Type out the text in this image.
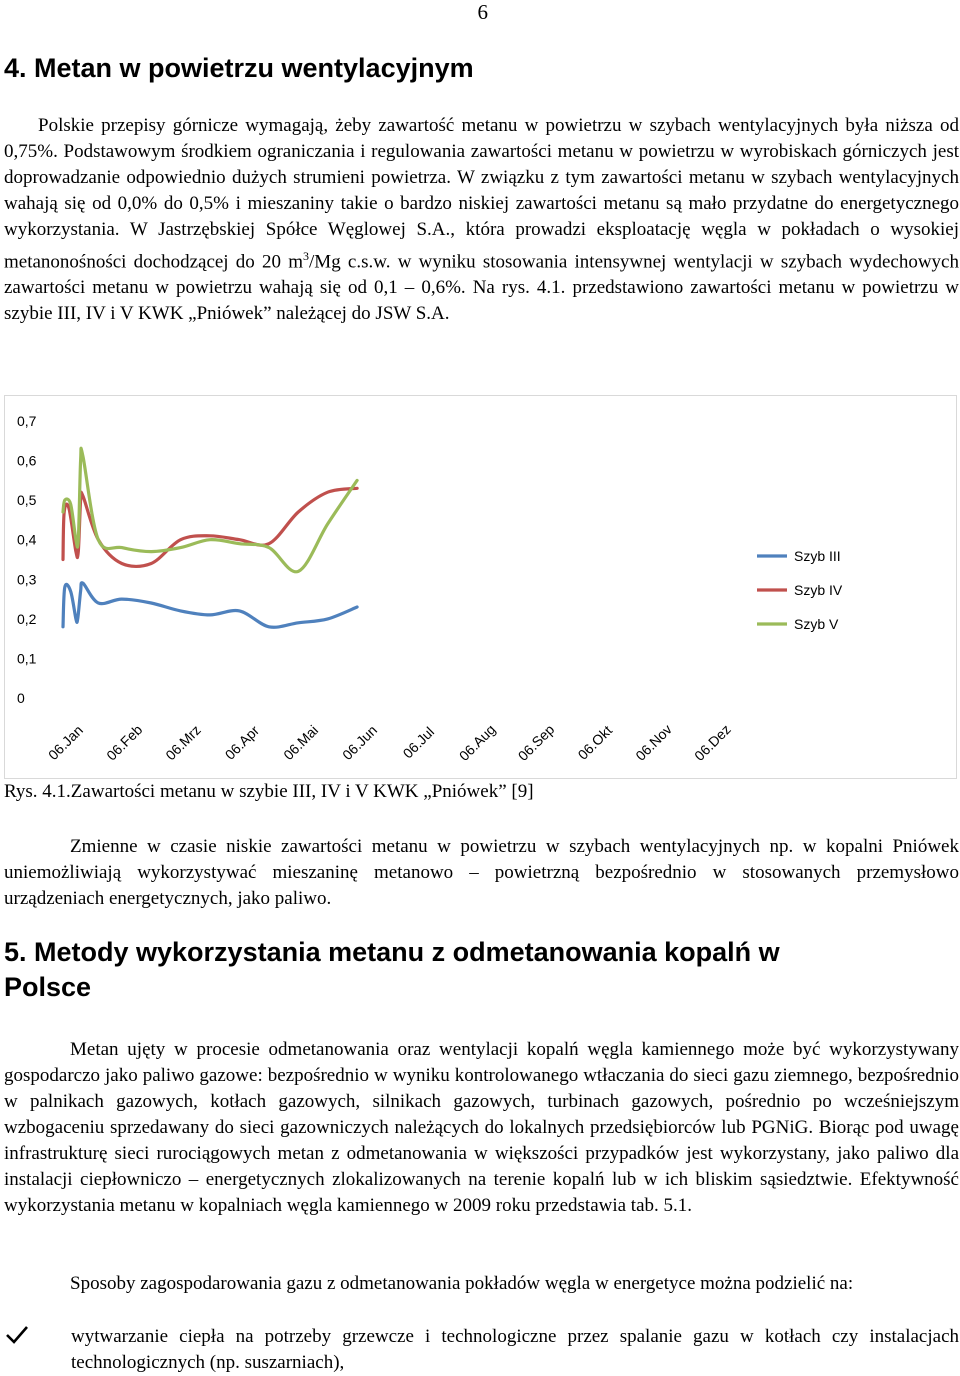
6
4. Metan w powietrzu wentylacyjnym

Polskie przepisy górnicze wymagają, żeby zawartość metanu w powietrzu w szybach wentylacyjnych była niższa od 0,75%. Podstawowym środkiem ograniczania i regulowania zawartości metanu w powietrzu w wyrobiskach górniczych jest doprowadzanie odpowiednio dużych strumieni powietrza. W związku z tym zawartości metanu w szybach wentylacyjnych wahają się od 0,0% do 0,5% i mieszaniny takie o bardzo niskiej zawartości metanu są mało przydatne do energetycznego wykorzystania. W Jastrzębskiej Spółce Węglowej S.A., która prowadzi eksploatację węgla w pokładach o wysokiej metanonośności dochodzącej do 20 $m^3/Mg$ c.s.w. w wyniku stosowania intensywnej wentylacji w szybach wydechowych zawartości metanu w powietrzu wahają się od 0,1 – 0,6%. Na rys. 4.1. przedstawiono zawartości metanu w powietrzu w szybie III, IV i V KWK „Pniówek” należącej do JSW S.A.

0
0,1
0,2
0,3
0,4
0,5
0,6
0,7
06.Jan 06.Feb 06.Mrz 06.Apr 06.Mai 06.Jun 06.Jul 06.Aug 06.Sep 06.Okt 06.Nov 06.Dez
Szyb III
Szyb IV
Szyb V
Rys. 4.1.Zawartości metanu w szybie III, IV i V KWK „Pniówek” [9]

Zmienne w czasie niskie zawartości metanu w powietrzu w szybach wentylacyjnych np. w kopalni Pniówek uniemożliwiają wykorzystywać mieszaninę metanowo – powietrzną bezpośrednio w stosowanych przemysłowo urządzeniach energetycznych, jako paliwo.

5. Metody wykorzystania metanu z odmetanowania kopalń w
Polsce

Metan ujęty w procesie odmetanowania oraz wentylacji kopalń węgla kamiennego może być wykorzystywany gospodarczo jako paliwo gazowe: bezpośrednio w wyniku kontrolowanego wtłaczania do sieci gazu ziemnego, bezpośrednio w palnikach gazowych, kotłach gazowych, silnikach gazowych, turbinach gazowych, pośrednio po wcześniejszym wzbogaceniu sprzedawany do sieci gazowniczych należących do lokalnych przedsiębiorców lub PGNiG. Biorąc pod uwagę infrastrukturę sieci rurociągowych metan z odmetanowania w większości przypadków jest wykorzystany, jako paliwo dla instalacji ciepłowniczo – energetycznych zlokalizowanych na terenie kopalń lub w ich bliskim sąsiedztwie. Efektywność wykorzystania metanu w kopalniach węgla kamiennego w 2009 roku przedstawia tab. 5.1.

Sposoby zagospodarowania gazu z odmetanowania pokładów węgla w energetyce można podzielić na:

wytwarzanie ciepła na potrzeby grzewcze i technologiczne przez spalanie gazu w kotłach czy instalacjach technologicznych (np. suszarniach),
